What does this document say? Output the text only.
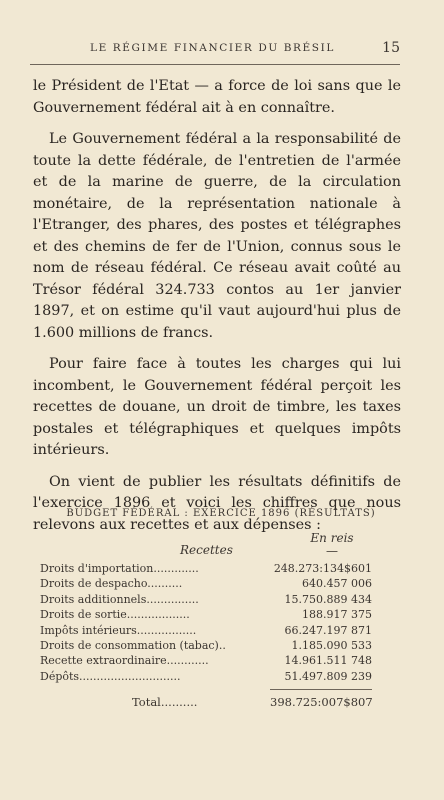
LE RÉGIME FINANCIER DU BRÉSIL	15

le Président de l'Etat — a force de loi sans que le Gouvernement fédéral ait à en connaître.

Le Gouvernement fédéral a la responsabilité de toute la dette fédérale, de l'entretien de l'armée et de la marine de guerre, de la circulation monétaire, de la représentation nationale à l'Etranger, des phares, des postes et télégraphes et des chemins de fer de l'Union, connus sous le nom de réseau fédéral. Ce réseau avait coûté au Trésor fédéral 324.733 contos au 1er janvier 1897, et on estime qu'il vaut aujourd'hui plus de 1.600 millions de francs.

Pour faire face à toutes les charges qui lui incombent, le Gouvernement fédéral perçoit les recettes de douane, un droit de timbre, les taxes postales et télégraphiques et quelques impôts intérieurs.

On vient de publier les résultats définitifs de l'exercice 1896 et voici les chiffres que nous relevons aux recettes et aux dépenses :

BUDGET FÉDÉRAL : EXERCICE 1896 (RÉSULTATS)
Recettes
En reis
—
Droits d'importation.............	248.273:134$601
Droits de despacho..........	640.457 006
Droits additionnels...............	15.750.889 434
Droits de sortie..................	188.917 375
Impôts intérieurs.................	66.247.197 871
Droits de consommation (tabac)..	1.185.090 533
Recette extraordinaire............	14.961.511 748
Dépôts.............................	51.497.809 239
Total..........	398.725:007$807
